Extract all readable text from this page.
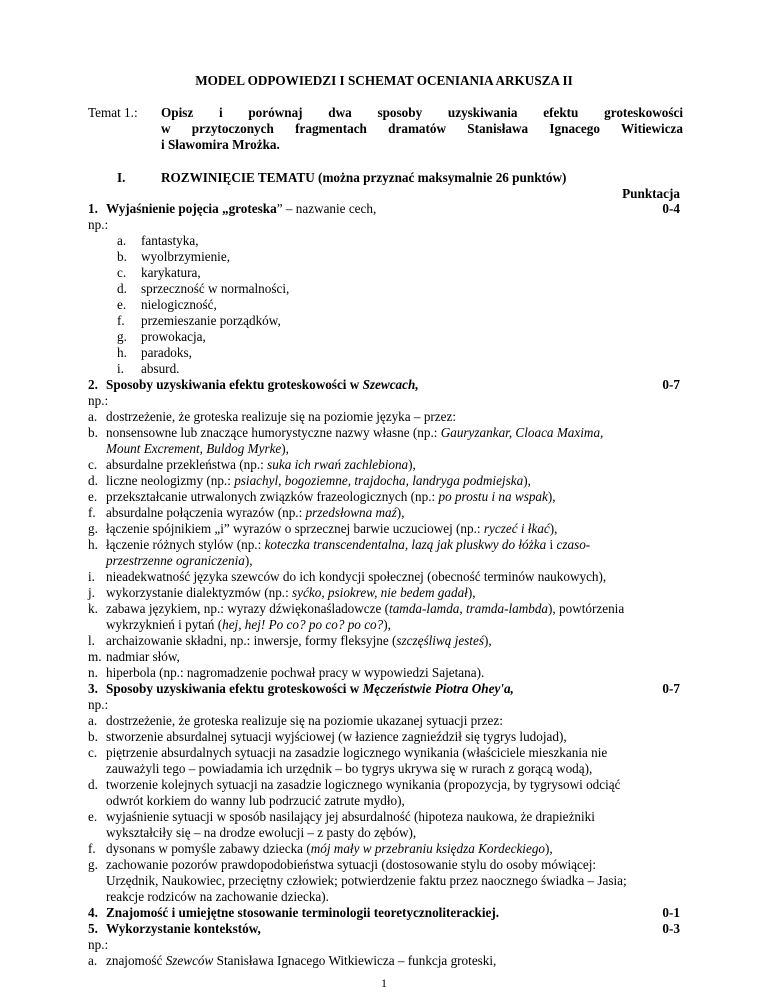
MODEL ODPOWIEDZI I SCHEMAT OCENIANIA ARKUSZA II
Temat 1.: Opisz i porównaj dwa sposoby uzyskiwania efektu groteskowości
w przytoczonych fragmentach dramatów Stanisława Ignacego Witiewicza
i Sławomira Mrożka.
I.	ROZWINIĘCIE TEMATU (można przyznać maksymalnie 26 punktów)
Punktacja
1. Wyjaśnienie pojęcia „groteska” – nazwanie cech,	0-4
np.:
a. fantastyka,
b. wyolbrzymienie,
c. karykatura,
d. sprzeczność w normalności,
e. nielogiczność,
f. przemieszanie porządków,
g. prowokacja,
h. paradoks,
i. absurd.
2. Sposoby uzyskiwania efektu groteskowości w Szewcach,	0-7
np.:
a. dostrzeżenie, że groteska realizuje się na poziomie języka – przez:
b. nonsensowne lub znaczące humorystyczne nazwy własne (np.: Gauryzankar, Cloaca Maxima,
Mount Excrement, Buldog Myrke),
c. absurdalne przekleństwa (np.: suka ich rwań zachlebiona),
d. liczne neologizmy (np.: psiachyl, bogoziemne, trajdocha, landryga podmiejska),
e. przekształcanie utrwalonych związków frazeologicznych (np.: po prostu i na wspak),
f. absurdalne połączenia wyrazów (np.: przedsłowna maź),
g. łączenie spójnikiem „i” wyrazów o sprzecznej barwie uczuciowej (np.: ryczeć i łkać),
h. łączenie różnych stylów (np.: koteczka transcendentalna, lazą jak pluskwy do łóżka i czaso-
przestrzenne ograniczenia),
i. nieadekwatność języka szewców do ich kondycji społecznej (obecność terminów naukowych),
j. wykorzystanie dialektyzmów (np.: syćko, psiokrew, nie bedem gadał),
k. zabawa językiem, np.: wyrazy dźwiękonaśladowcze (tamda-lamda, tramda-lambda), powtórzenia
wykrzyknień i pytań (hej, hej! Po co? po co? po co?),
l. archaizowanie składni, np.: inwersje, formy fleksyjne (szczęśliwą jesteś),
m. nadmiar słów,
n. hiperbola (np.: nagromadzenie pochwał pracy w wypowiedzi Sajetana).
3. Sposoby uzyskiwania efektu groteskowości w Męczeństwie Piotra Ohey'a,	0-7
np.:
a. dostrzeżenie, że groteska realizuje się na poziomie ukazanej sytuacji przez:
b. stworzenie absurdalnej sytuacji wyjściowej (w łazience zagnieździł się tygrys ludojad),
c. piętrzenie absurdalnych sytuacji na zasadzie logicznego wynikania (właściciele mieszkania nie
zauważyli tego – powiadamia ich urzędnik – bo tygrys ukrywa się w rurach z gorącą wodą),
d. tworzenie kolejnych sytuacji na zasadzie logicznego wynikania (propozycja, by tygrysowi odciąć
odwrót korkiem do wanny lub podrzucić zatrute mydło),
e. wyjaśnienie sytuacji w sposób nasilający jej absurdalność (hipoteza naukowa, że drapieżniki
wykształciły się – na drodze ewolucji – z pasty do zębów),
f. dysonans w pomyśle zabawy dziecka (mój mały w przebraniu księdza Kordeckiego),
g. zachowanie pozorów prawdopodobieństwa sytuacji (dostosowanie stylu do osoby mówiącej:
Urzędnik, Naukowiec, przeciętny człowiek; potwierdzenie faktu przez naocznego świadka – Jasia;
reakcje rodziców na zachowanie dziecka).
4. Znajomość i umiejętne stosowanie terminologii teoretycznoliterackiej.	0-1
5. Wykorzystanie kontekstów,	0-3
np.:
a. znajomość Szewców Stanisława Ignacego Witkiewicza – funkcja groteski,
1
